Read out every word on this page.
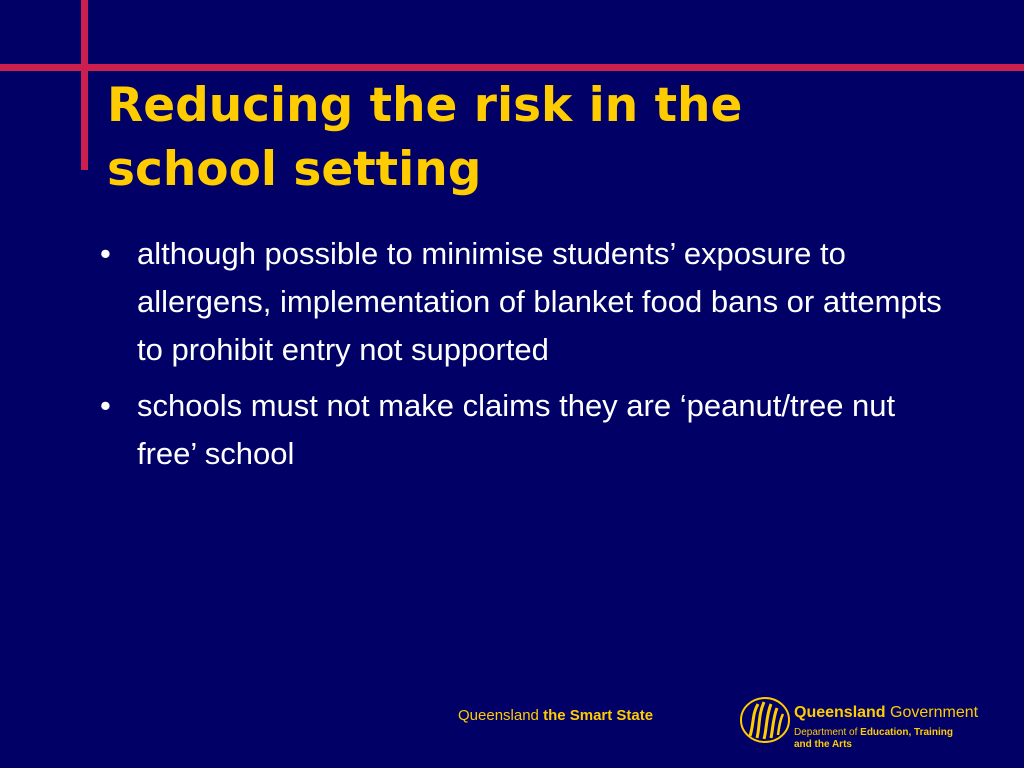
Reducing the risk in the
school setting
• although possible to minimise students’ exposure to allergens, implementation of blanket food bans or attempts to prohibit entry not supported
• schools must not make claims they are ‘peanut/tree nut free’ school
Queensland the Smart State	Queensland Government
Department of Education, Training
and the Arts
